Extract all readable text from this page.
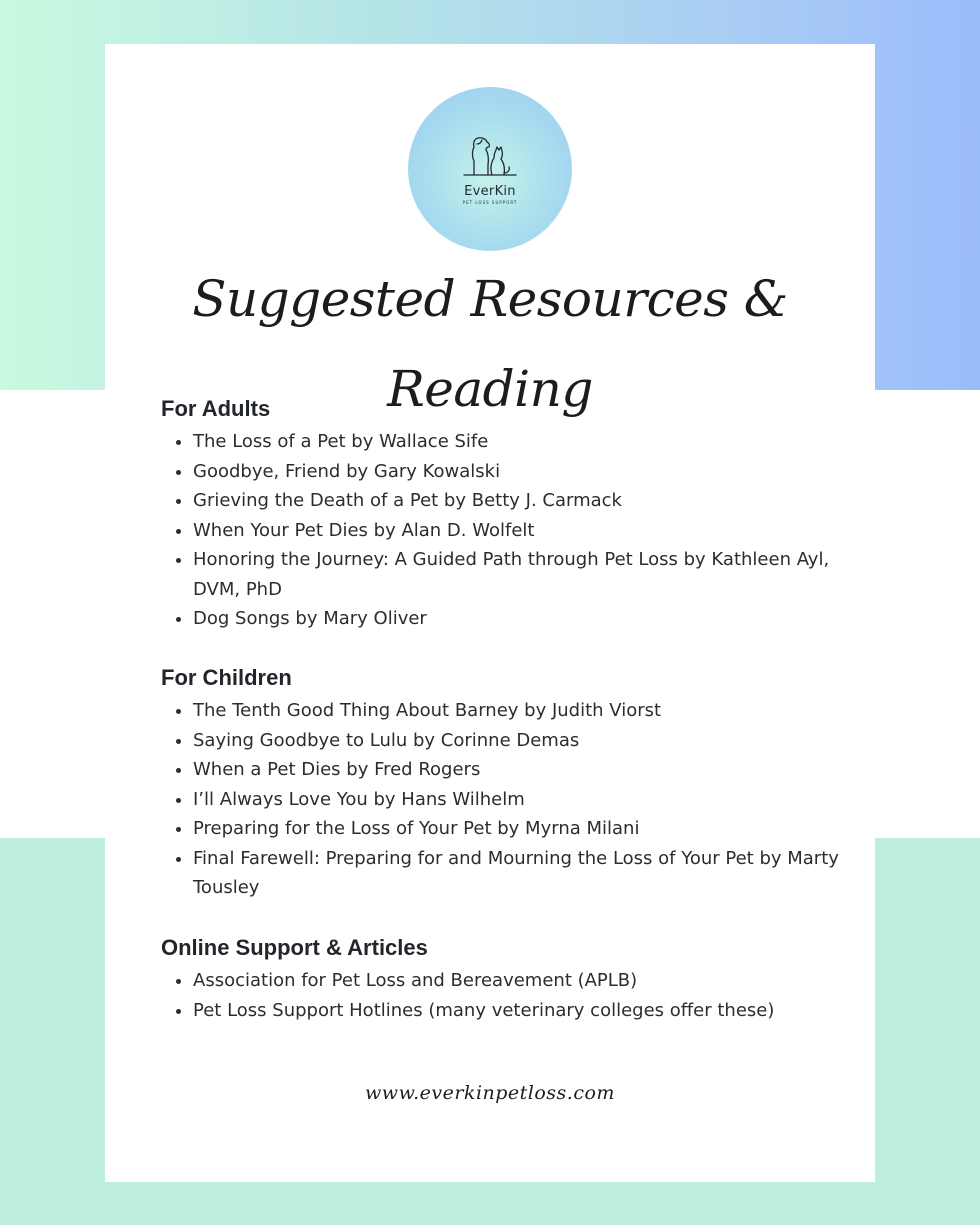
EverKin
PET LOSS SUPPORT
Suggested Resources & Reading
For Adults
• The Loss of a Pet by Wallace Sife
• Goodbye, Friend by Gary Kowalski
• Grieving the Death of a Pet by Betty J. Carmack
• When Your Pet Dies by Alan D. Wolfelt
• Honoring the Journey: A Guided Path through Pet Loss by Kathleen Ayl, DVM, PhD
• Dog Songs by Mary Oliver
For Children
• The Tenth Good Thing About Barney by Judith Viorst
• Saying Goodbye to Lulu by Corinne Demas
• When a Pet Dies by Fred Rogers
• I’ll Always Love You by Hans Wilhelm
• Preparing for the Loss of Your Pet by Myrna Milani
• Final Farewell: Preparing for and Mourning the Loss of Your Pet by Marty Tousley
Online Support & Articles
• Association for Pet Loss and Bereavement (APLB)
• Pet Loss Support Hotlines (many veterinary colleges offer these)
www.everkinpetloss.com
